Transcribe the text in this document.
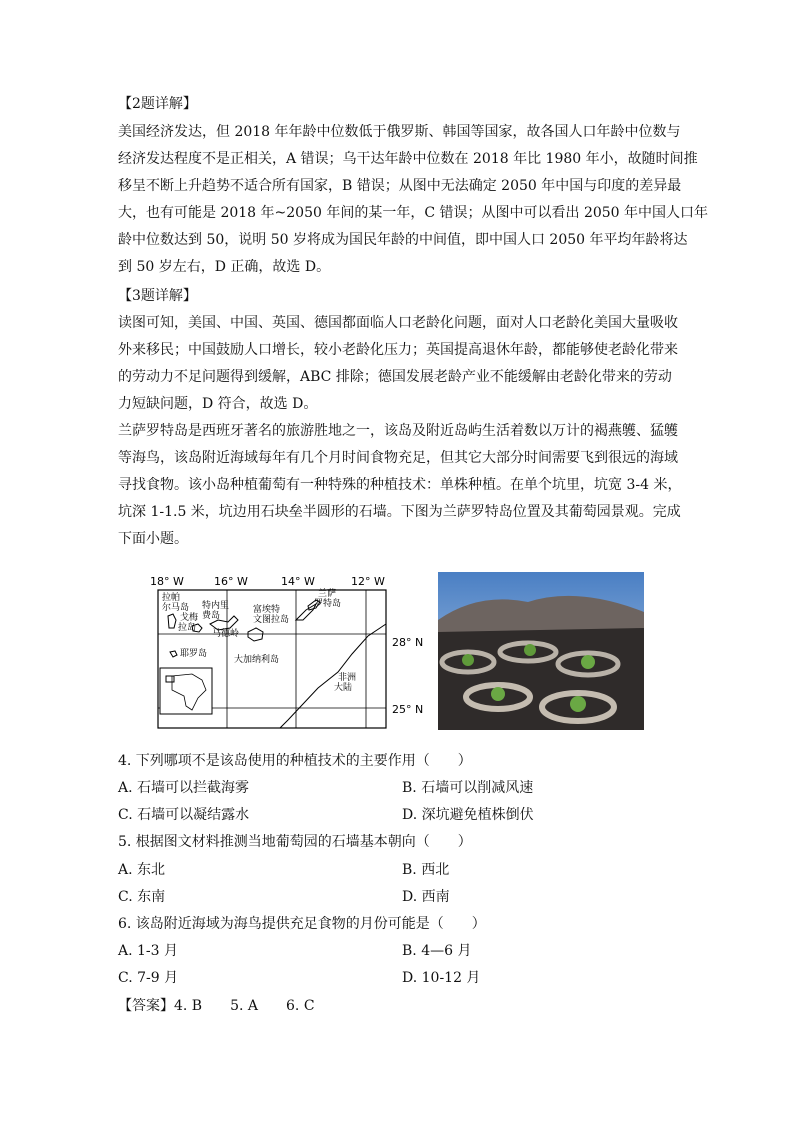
【2题详解】
美国经济发达，但 2018 年年龄中位数低于俄罗斯、韩国等国家，故各国人口年龄中位数与
经济发达程度不是正相关，A 错误；乌干达年龄中位数在 2018 年比 1980 年小，故随时间推
移呈不断上升趋势不适合所有国家，B 错误；从图中无法确定 2050 年中国与印度的差异最
大，也有可能是 2018 年~2050 年间的某一年，C 错误；从图中可以看出 2050 年中国人口年
龄中位数达到 50，说明 50 岁将成为国民年龄的中间值，即中国人口 2050 年平均年龄将达
到 50 岁左右，D 正确，故选 D。
【3题详解】
读图可知，美国、中国、英国、德国都面临人口老龄化问题，面对人口老龄化美国大量吸收
外来移民；中国鼓励人口增长，较小老龄化压力；英国提高退休年龄，都能够使老龄化带来
的劳动力不足问题得到缓解，ABC 排除；德国发展老龄产业不能缓解由老龄化带来的劳动
力短缺问题，D 符合，故选 D。
兰萨罗特岛是西班牙著名的旅游胜地之一，该岛及附近岛屿生活着数以万计的褐燕鹱、猛鹱
等海鸟，该岛附近海域每年有几个月时间食物充足，但其它大部分时间需要飞到很远的海域
寻找食物。该小岛种植葡萄有一种特殊的种植技术：单株种植。在单个坑里，坑宽 3-4 米，
坑深 1-1.5 米，坑边用石块垒半圆形的石墙。下图为兰萨罗特岛位置及其葡萄园景观。完成
下面小题。
18° W	16° W	14° W	12° W
28° N
25° N
拉帕
尔马岛 特内里
费岛
戈梅
拉岛
马德岭
富埃特
文图拉岛
兰萨
罗特岛
耶罗岛
大加纳利岛
非洲
大陆
4. 下列哪项不是该岛使用的种植技术的主要作用（　　）
A. 石墙可以拦截海雾	B. 石墙可以削减风速
C. 石墙可以凝结露水	D. 深坑避免植株倒伏
5. 根据图文材料推测当地葡萄园的石墙基本朝向（　　）
A. 东北	B. 西北
C. 东南	D. 西南
6. 该岛附近海域为海鸟提供充足食物的月份可能是（　　）
A. 1-3 月	B. 4—6 月
C. 7-9 月	D. 10-12 月
【答案】4. B　　5. A　　6. C
